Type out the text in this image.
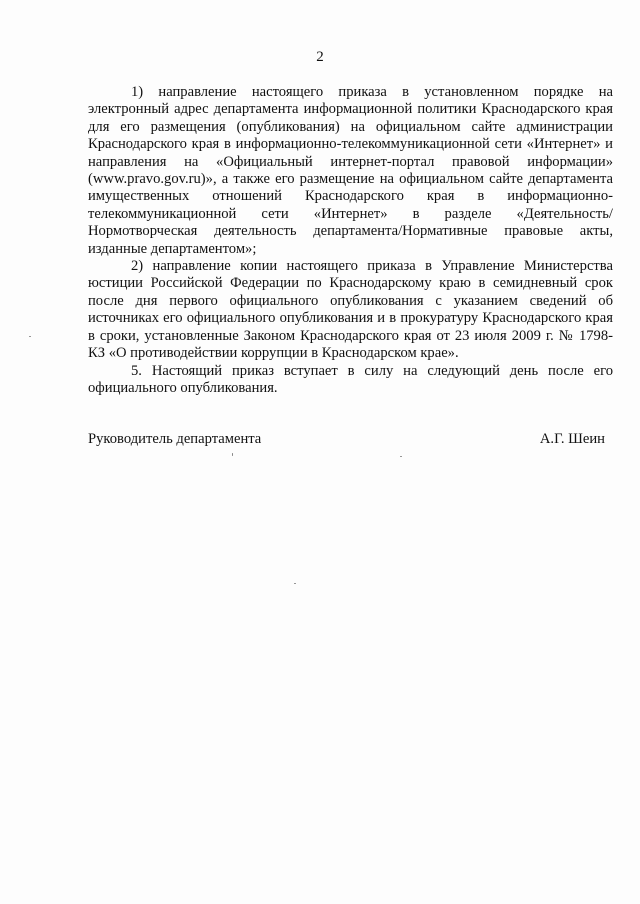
2

1) направление настоящего приказа в установленном порядке на электронный адрес департамента информационной политики Краснодарского края для его размещения (опубликования) на официальном сайте администрации Краснодарского края в информационно-телекоммуникационной сети «Интернет» и направления на «Официальный интернет-портал правовой информации» (www.pravo.gov.ru)», а также его размещение на официальном сайте департамента имущественных отношений Краснодарского края в информационно-телекоммуникационной сети «Интернет» в разделе «Деятельность/Нормотворческая деятельность департамента/Нормативные правовые акты, изданные департаментом»;

2) направление копии настоящего приказа в Управление Министерства юстиции Российской Федерации по Краснодарскому краю в семидневный срок после дня первого официального опубликования с указанием сведений об источниках его официального опубликования и в прокуратуру Краснодарского края в сроки, установленные Законом Краснодарского края от 23 июля 2009 г. № 1798-КЗ «О противодействии коррупции в Краснодарском крае».

5. Настоящий приказ вступает в силу на следующий день после его официального опубликования.

Руководитель департамента	А.Г. Шеин
